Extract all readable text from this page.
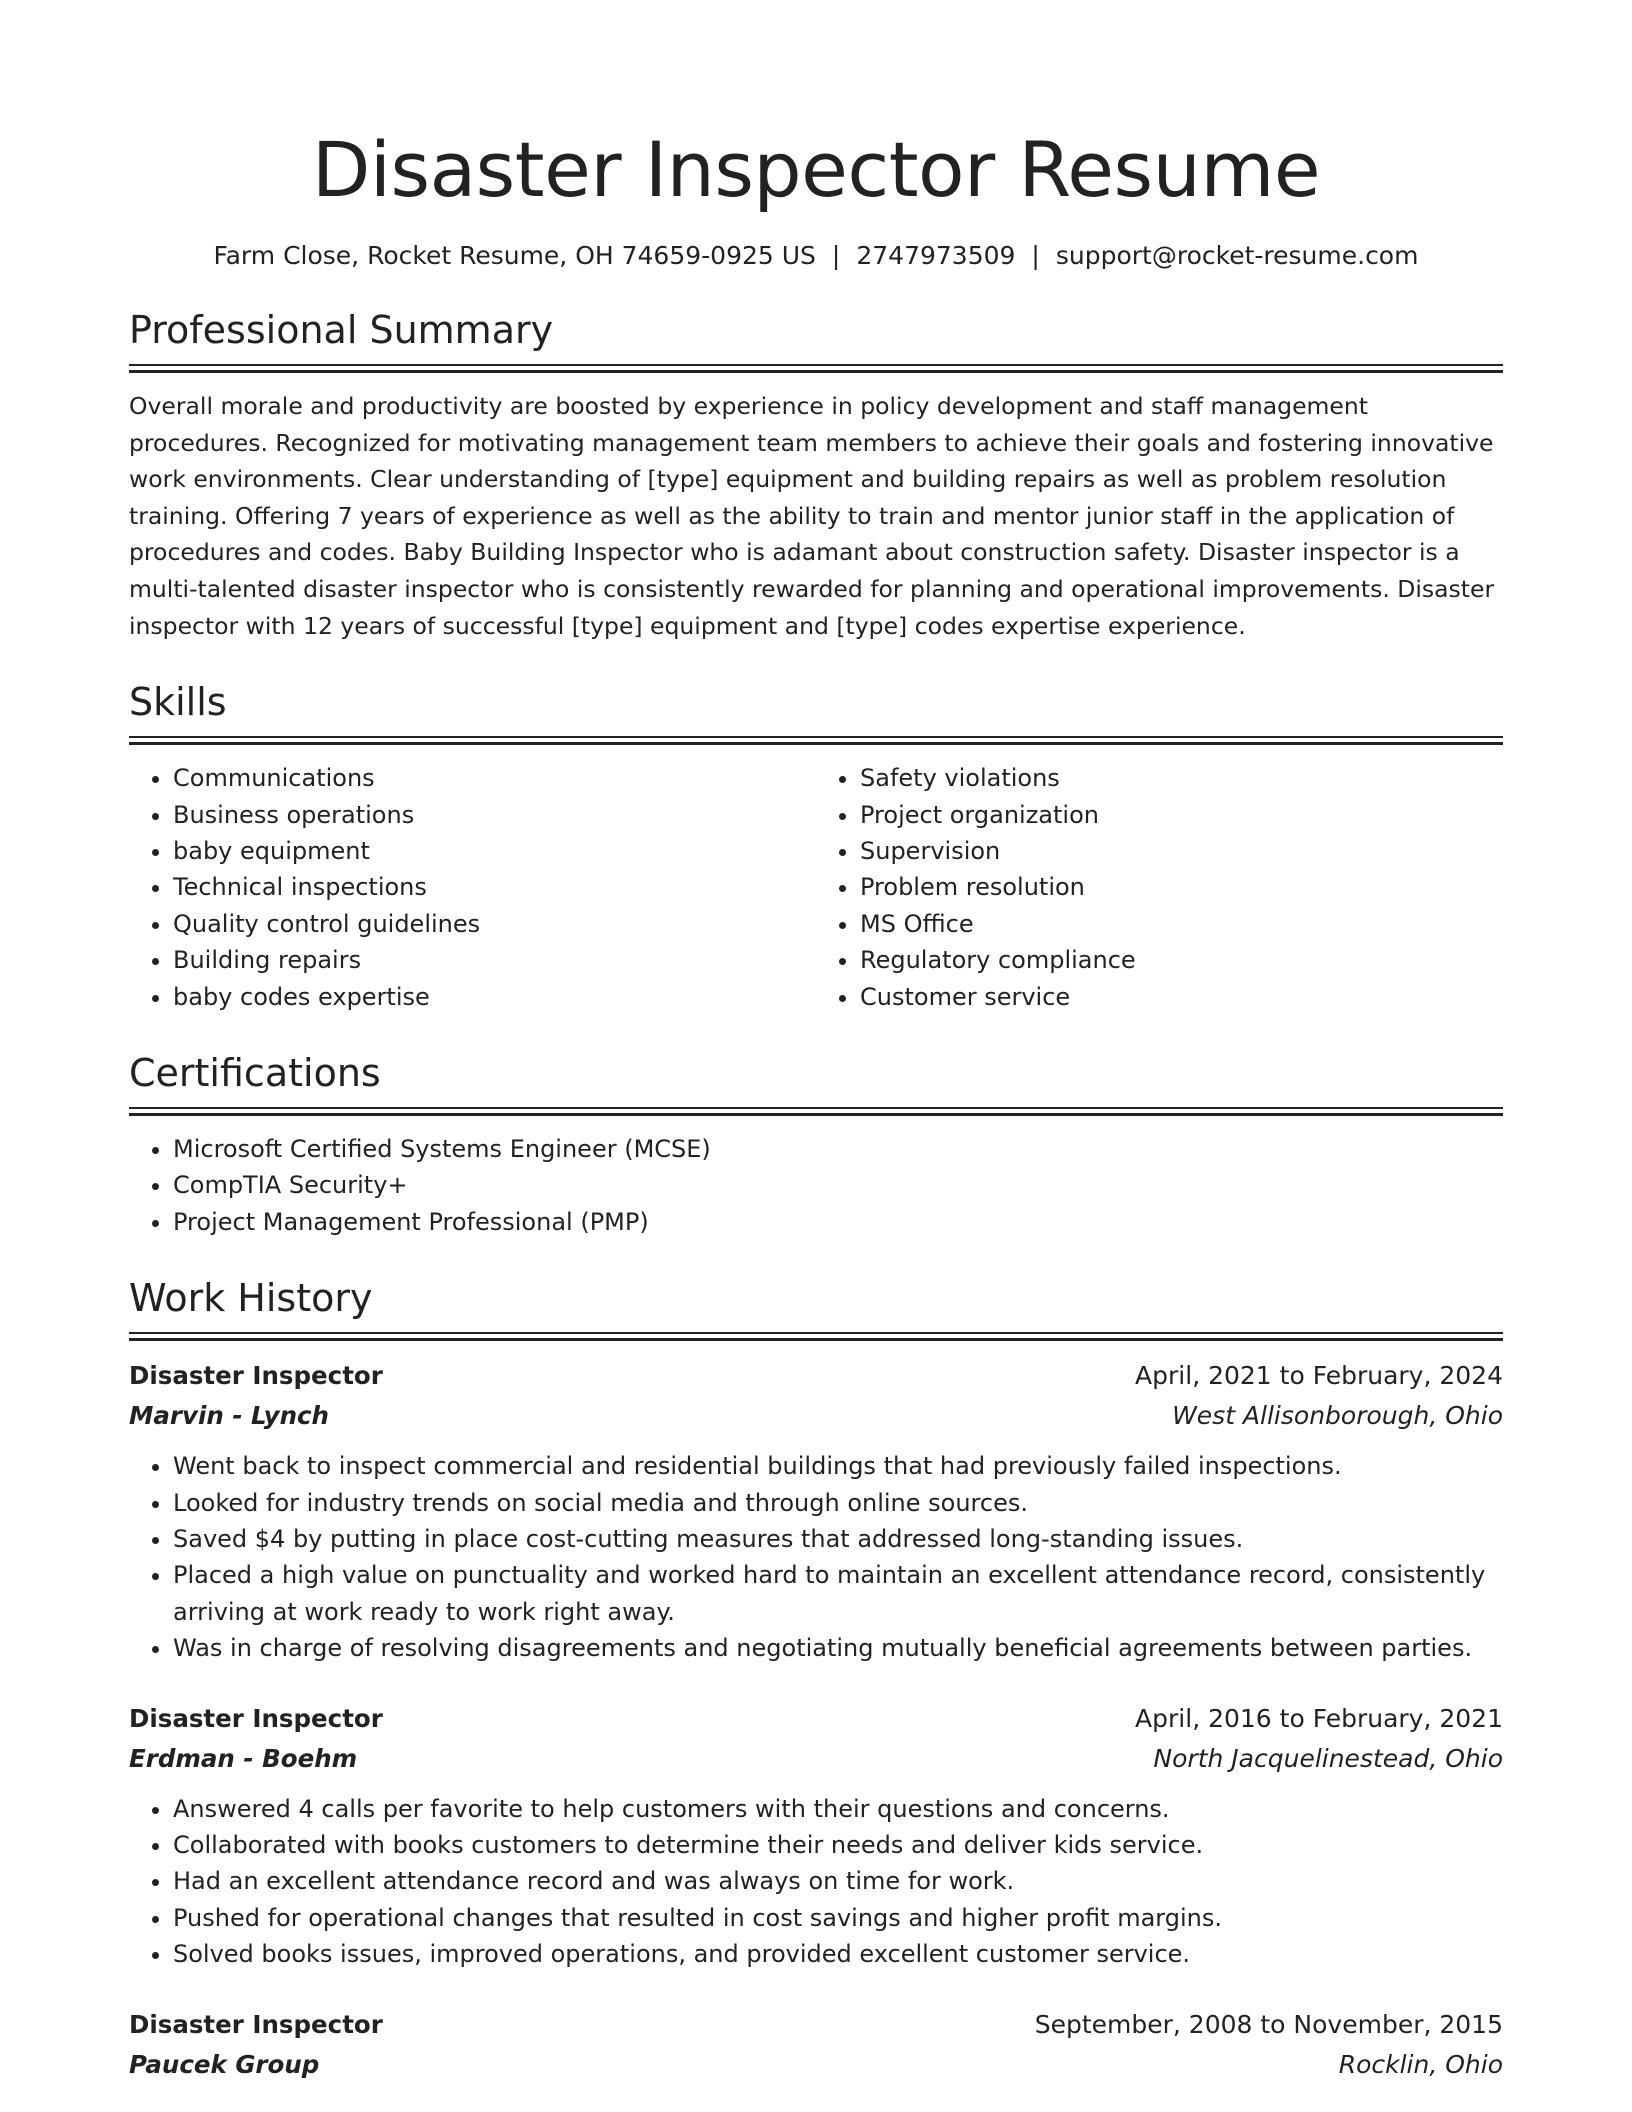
Disaster Inspector Resume
Farm Close, Rocket Resume, OH 74659-0925 US | 2747973509 | support@rocket-resume.com
Professional Summary
Overall morale and productivity are boosted by experience in policy development and staff management procedures. Recognized for motivating management team members to achieve their goals and fostering innovative work environments. Clear understanding of [type] equipment and building repairs as well as problem resolution training. Offering 7 years of experience as well as the ability to train and mentor junior staff in the application of procedures and codes. Baby Building Inspector who is adamant about construction safety. Disaster inspector is a multi-talented disaster inspector who is consistently rewarded for planning and operational improvements. Disaster inspector with 12 years of successful [type] equipment and [type] codes expertise experience.
Skills
• Communications
• Business operations
• baby equipment
• Technical inspections
• Quality control guidelines
• Building repairs
• baby codes expertise
• Safety violations
• Project organization
• Supervision
• Problem resolution
• MS Office
• Regulatory compliance
• Customer service
Certifications
• Microsoft Certified Systems Engineer (MCSE)
• CompTIA Security+
• Project Management Professional (PMP)
Work History
Disaster Inspector	April, 2021 to February, 2024
Marvin - Lynch	West Allisonborough, Ohio
• Went back to inspect commercial and residential buildings that had previously failed inspections.
• Looked for industry trends on social media and through online sources.
• Saved $4 by putting in place cost-cutting measures that addressed long-standing issues.
• Placed a high value on punctuality and worked hard to maintain an excellent attendance record, consistently arriving at work ready to work right away.
• Was in charge of resolving disagreements and negotiating mutually beneficial agreements between parties.
Disaster Inspector	April, 2016 to February, 2021
Erdman - Boehm	North Jacquelinestead, Ohio
• Answered 4 calls per favorite to help customers with their questions and concerns.
• Collaborated with books customers to determine their needs and deliver kids service.
• Had an excellent attendance record and was always on time for work.
• Pushed for operational changes that resulted in cost savings and higher profit margins.
• Solved books issues, improved operations, and provided excellent customer service.
Disaster Inspector	September, 2008 to November, 2015
Paucek Group	Rocklin, Ohio
